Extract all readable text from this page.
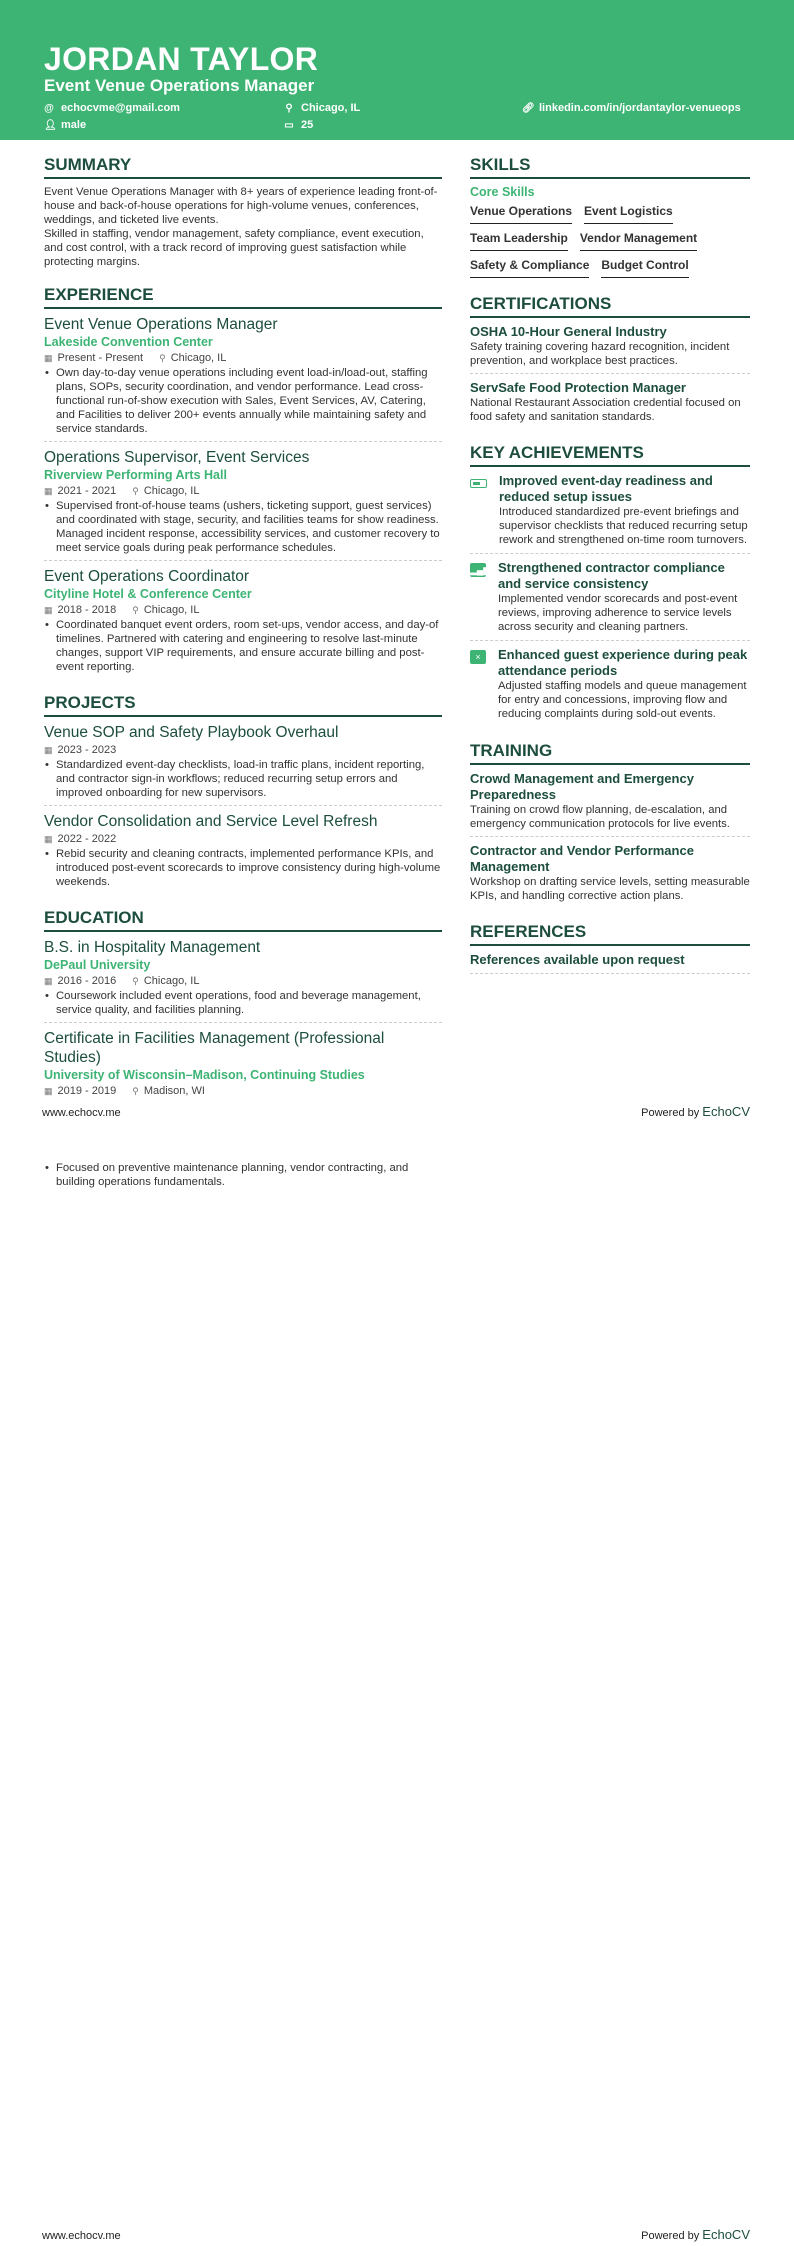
JORDAN TAYLOR
Event Venue Operations Manager
@ echocvme@gmail.com	⚲ Chicago, IL	🔗︎ linkedin.com/in/jordantaylor-venueops
👤︎ male	▭ 25
SUMMARY

Event Venue Operations Manager with 8+ years of experience leading front-of-house and back-of-house operations for high-volume venues, conferences, weddings, and ticketed live events.

Skilled in staffing, vendor management, safety compliance, event execution, and cost control, with a track record of improving guest satisfaction while protecting margins.

EXPERIENCE
Event Venue Operations Manager
Lakeside Convention Center
▦ Present - Present ⚲ Chicago, IL
• Own day-to-day venue operations including event load-in/load-out, staffing plans, SOPs, security coordination, and vendor performance. Lead cross-functional run-of-show execution with Sales, Event Services, AV, Catering, and Facilities to deliver 200+ events annually while maintaining safety and service standards.
Operations Supervisor, Event Services
Riverview Performing Arts Hall
▦ 2021 - 2021 ⚲ Chicago, IL
• Supervised front-of-house teams (ushers, ticketing support, guest services) and coordinated with stage, security, and facilities teams for show readiness. Managed incident response, accessibility services, and customer recovery to meet service goals during peak performance schedules.
Event Operations Coordinator
Cityline Hotel & Conference Center
▦ 2018 - 2018 ⚲ Chicago, IL
• Coordinated banquet event orders, room set-ups, vendor access, and day-of timelines. Partnered with catering and engineering to resolve last-minute changes, support VIP requirements, and ensure accurate billing and post-event reporting.
PROJECTS
Venue SOP and Safety Playbook Overhaul
▦ 2023 - 2023
• Standardized event-day checklists, load-in traffic plans, incident reporting, and contractor sign-in workflows; reduced recurring setup errors and improved onboarding for new supervisors.
Vendor Consolidation and Service Level Refresh
▦ 2022 - 2022
• Rebid security and cleaning contracts, implemented performance KPIs, and introduced post-event scorecards to improve consistency during high-volume weekends.
EDUCATION
B.S. in Hospitality Management
DePaul University
▦ 2016 - 2016 ⚲ Chicago, IL
• Coursework included event operations, food and beverage management, service quality, and facilities planning.
Certificate in Facilities Management (Professional Studies)
University of Wisconsin–Madison, Continuing Studies
▦ 2019 - 2019 ⚲ Madison, WI
SKILLS
Core Skills
Venue Operations Event Logistics
Team Leadership Vendor Management
Safety & Compliance Budget Control
CERTIFICATIONS
OSHA 10-Hour General Industry
Safety training covering hazard recognition, incident prevention, and workplace best practices.
ServSafe Food Protection Manager
National Restaurant Association credential focused on food safety and sanitation standards.
KEY ACHIEVEMENTS
Improved event-day readiness and reduced setup issues
Introduced standardized pre-event briefings and supervisor checklists that reduced recurring setup rework and strengthened on-time room turnovers.
▂▄▆ Strengthened contractor compliance and service consistency
Implemented vendor scorecards and post-event reviews, improving adherence to service levels across security and cleaning partners.
×	Enhanced guest experience during peak attendance periods
Adjusted staffing models and queue management for entry and concessions, improving flow and reducing complaints during sold-out events.
TRAINING
Crowd Management and Emergency Preparedness
Training on crowd flow planning, de-escalation, and emergency communication protocols for live events.
Contractor and Vendor Performance Management
Workshop on drafting service levels, setting measurable KPIs, and handling corrective action plans.
REFERENCES
References available upon request
www.echocv.me	Powered by EchoCV
• Focused on preventive maintenance planning, vendor contracting, and building operations fundamentals.
www.echocv.me	Powered by EchoCV
